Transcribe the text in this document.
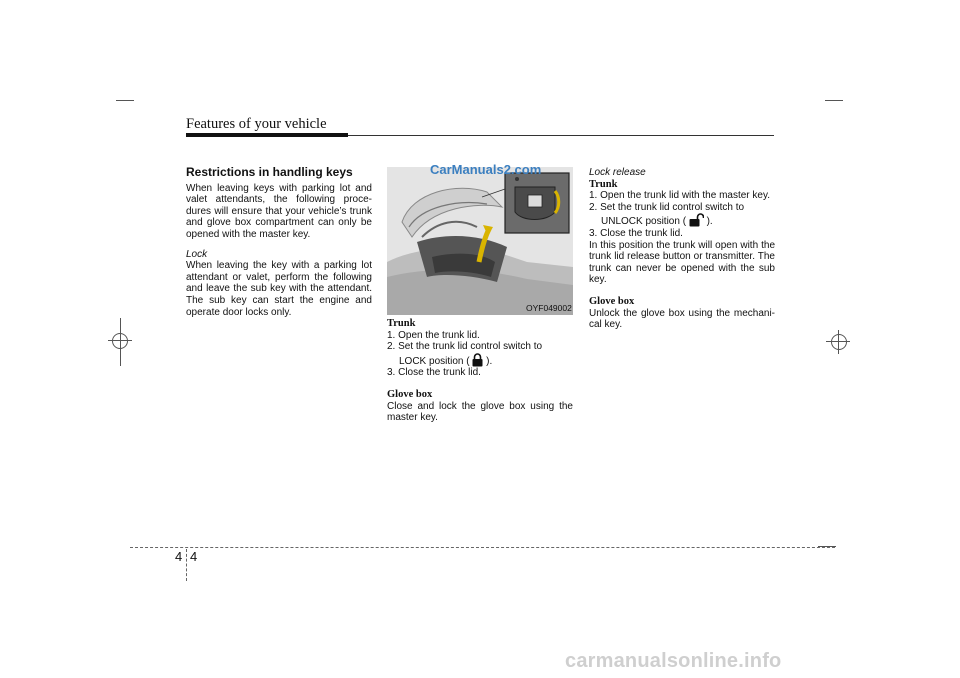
Features of your vehicle

Restrictions in handling keys

When leaving keys with parking lot and valet attendants, the following proce-dures will ensure that your vehicle’s trunk and glove box compartment can only be opened with the master key.

Lock

When leaving the key with a parking lot attendant or valet, perform the following and leave the sub key with the attendant. The sub key can start the engine and operate door locks only.

CarManuals2.com
OYF049002

Trunk

1. Open the trunk lid.

2. Set the trunk lid control switch to

LOCK position ( ).

3. Close the trunk lid.

Glove box

Close and lock the glove box using the master key.

Lock release

Trunk

1. Open the trunk lid with the master key.

2. Set the trunk lid control switch to

UNLOCK position ( ).

3. Close the trunk lid.

In this position the trunk will open with the trunk lid release button or transmitter. The trunk can never be opened with the sub key.

Glove box

Unlock the glove box using the mechani-cal key.

4 4
carmanualsonline.info
